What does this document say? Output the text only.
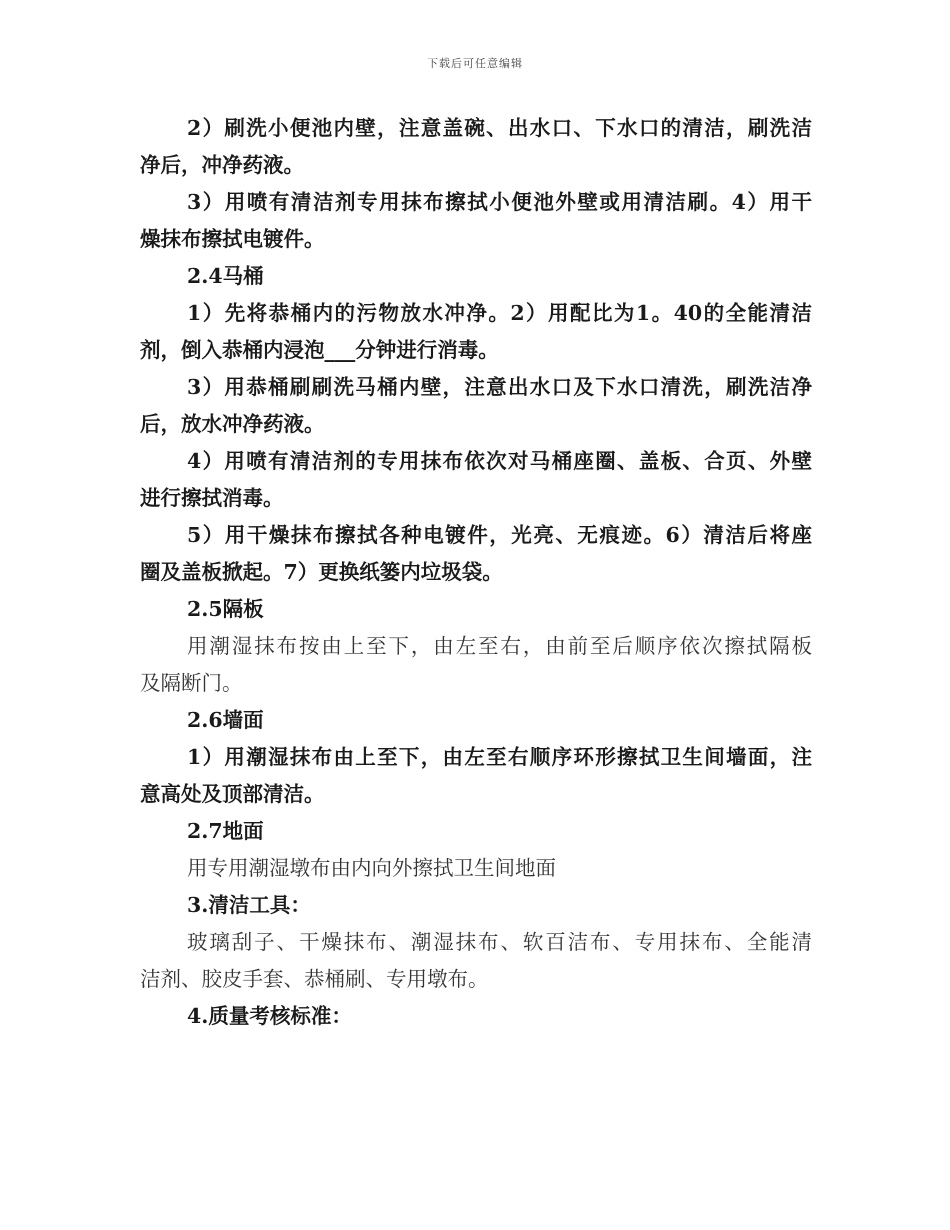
下载后可任意编辑
2）刷洗小便池内壁，注意盖碗、出水口、下水口的清洁，刷洗洁
净后，冲净药液。
3）用喷有清洁剂专用抹布擦拭小便池外壁或用清洁刷。4）用干
燥抹布擦拭电镀件。
2.4马桶
1）先将恭桶内的污物放水冲净。2）用配比为1。40的全能清洁
剂，倒入恭桶内浸泡___分钟进行消毒。
3）用恭桶刷刷洗马桶内壁，注意出水口及下水口清洗，刷洗洁净
后，放水冲净药液。
4）用喷有清洁剂的专用抹布依次对马桶座圈、盖板、合页、外壁
进行擦拭消毒。
5）用干燥抹布擦拭各种电镀件，光亮、无痕迹。6）清洁后将座
圈及盖板掀起。7）更换纸篓内垃圾袋。
2.5隔板
用潮湿抹布按由上至下，由左至右，由前至后顺序依次擦拭隔板
及隔断门。
2.6墙面
1）用潮湿抹布由上至下，由左至右顺序环形擦拭卫生间墙面，注
意高处及顶部清洁。
2.7地面
用专用潮湿墩布由内向外擦拭卫生间地面
3.清洁工具：
玻璃刮子、干燥抹布、潮湿抹布、软百洁布、专用抹布、全能清
洁剂、胶皮手套、恭桶刷、专用墩布。
4.质量考核标准：
